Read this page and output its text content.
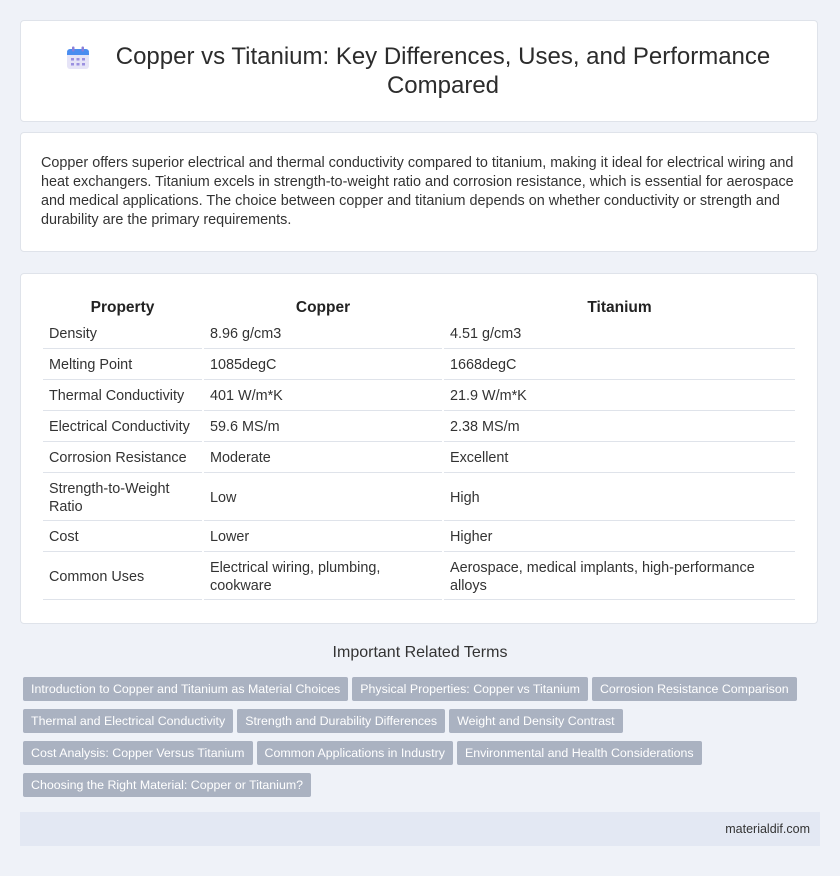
Copper vs Titanium: Key Differences, Uses, and Performance Compared

Copper offers superior electrical and thermal conductivity compared to titanium, making it ideal for electrical wiring and heat exchangers. Titanium excels in strength-to-weight ratio and corrosion resistance, which is essential for aerospace and medical applications. The choice between copper and titanium depends on whether conductivity or strength and durability are the primary requirements.

Property	Copper	Titanium
Density	8.96 g/cm3	4.51 g/cm3
Melting Point	1085degC	1668degC
Thermal Conductivity	401 W/m*K	21.9 W/m*K
Electrical Conductivity	59.6 MS/m	2.38 MS/m
Corrosion Resistance	Moderate	Excellent
Strength-to-Weight Ratio	Low	High
Cost	Lower	Higher
Common Uses	Electrical wiring, plumbing, cookware	Aerospace, medical implants, high-performance alloys
Important Related Terms
Introduction to Copper and Titanium as Material Choices Physical Properties: Copper vs Titanium Corrosion Resistance Comparison
Thermal and Electrical Conductivity Strength and Durability Differences Weight and Density Contrast
Cost Analysis: Copper Versus Titanium Common Applications in Industry Environmental and Health Considerations
Choosing the Right Material: Copper or Titanium?
materialdif.com
